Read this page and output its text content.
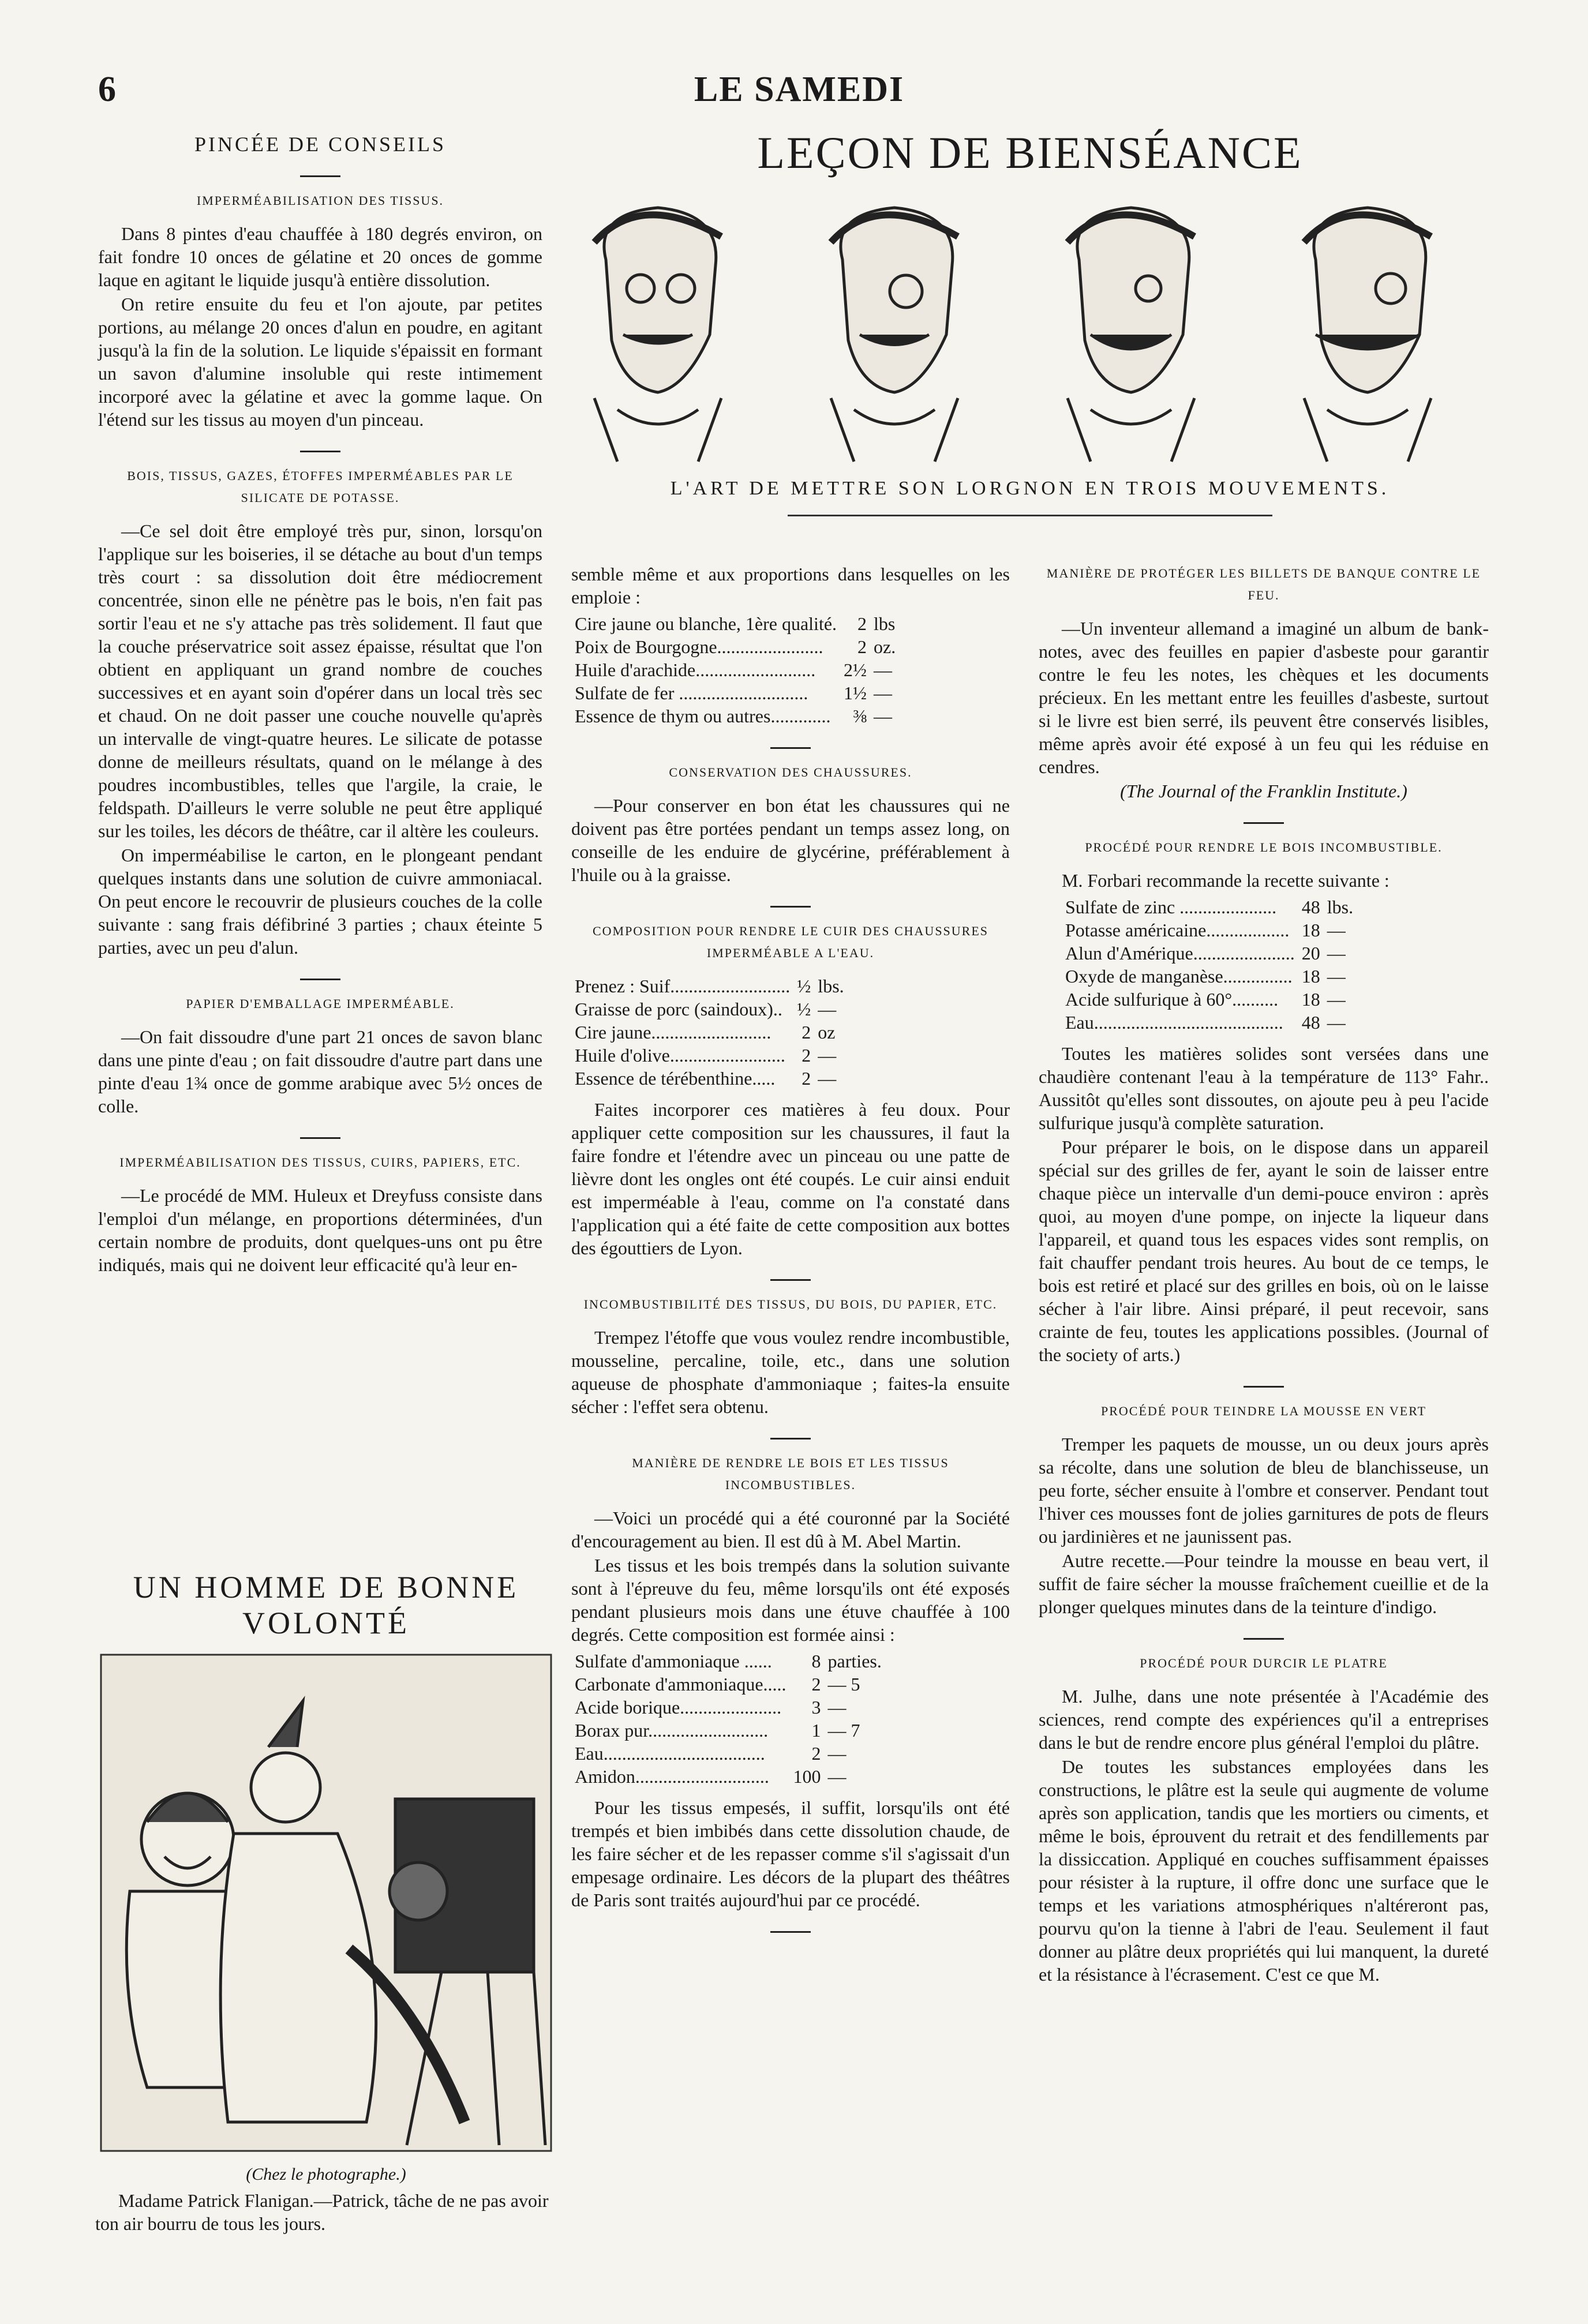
6	LE SAMEDI
PINCÉE DE CONSEILS
IMPERMÉABILISATION DES TISSUS.

Dans 8 pintes d'eau chauffée à 180 degrés environ, on fait fondre 10 onces de gélatine et 20 onces de gomme laque en agitant le liquide jusqu'à entière dissolution.

On retire ensuite du feu et l'on ajoute, par petites portions, au mélange 20 onces d'alun en poudre, en agitant jusqu'à la fin de la solution. Le liquide s'épaissit en formant un savon d'alumine insoluble qui reste intimement incorporé avec la gélatine et avec la gomme laque. On l'étend sur les tissus au moyen d'un pinceau.

BOIS, TISSUS, GAZES, ÉTOFFES IMPERMÉABLES PAR LE SILICATE DE POTASSE.

—Ce sel doit être employé très pur, sinon, lorsqu'on l'applique sur les boiseries, il se détache au bout d'un temps très court : sa dissolution doit être médiocrement concentrée, sinon elle ne pénètre pas le bois, n'en fait pas sortir l'eau et ne s'y attache pas très solidement. Il faut que la couche préservatrice soit assez épaisse, résultat que l'on obtient en appliquant un grand nombre de couches successives et en ayant soin d'opérer dans un local très sec et chaud. On ne doit passer une couche nouvelle qu'après un intervalle de vingt-quatre heures. Le silicate de potasse donne de meilleurs résultats, quand on le mélange à des poudres incombustibles, telles que l'argile, la craie, le feldspath. D'ailleurs le verre soluble ne peut être appliqué sur les toiles, les décors de théâtre, car il altère les couleurs.

On imperméabilise le carton, en le plongeant pendant quelques instants dans une solution de cuivre ammoniacal. On peut encore le recouvrir de plusieurs couches de la colle suivante : sang frais défibriné 3 parties ; chaux éteinte 5 parties, avec un peu d'alun.

PAPIER D'EMBALLAGE IMPERMÉABLE.

—On fait dissoudre d'une part 21 onces de savon blanc dans une pinte d'eau ; on fait dissoudre d'autre part dans une pinte d'eau 1¾ once de gomme arabique avec 5½ onces de colle.

IMPERMÉABILISATION DES TISSUS, CUIRS, PAPIERS, ETC.

—Le procédé de MM. Huleux et Dreyfuss consiste dans l'emploi d'un mélange, en proportions déterminées, d'un certain nombre de produits, dont quelques-uns ont pu être indiqués, mais qui ne doivent leur efficacité qu'à leur en-

LEÇON DE BIENSÉANCE
L'ART DE METTRE SON LORGNON EN TROIS MOUVEMENTS.

semble même et aux proportions dans lesquelles on les emploie :

Cire jaune ou blanche, 1ère qualité.	2	lbs
Poix de Bourgogne.......................	2	oz.
Huile d'arachide..........................	2½	—
Sulfate de fer ............................	1½	—
Essence de thym ou autres.............	⅜	—
CONSERVATION DES CHAUSSURES.

—Pour conserver en bon état les chaussures qui ne doivent pas être portées pendant un temps assez long, on conseille de les enduire de glycérine, préférablement à l'huile ou à la graisse.

COMPOSITION POUR RENDRE LE CUIR DES CHAUSSURES IMPERMÉABLE A L'EAU.
Prenez : Suif..........................	½	lbs.
Graisse de porc (saindoux)..	½	—
Cire jaune..........................	2	oz
Huile d'olive.........................	2	—
Essence de térébenthine.....	2	—

Faites incorporer ces matières à feu doux. Pour appliquer cette composition sur les chaussures, il faut la faire fondre et l'étendre avec un pinceau ou une patte de lièvre dont les ongles ont été coupés. Le cuir ainsi enduit est imperméable à l'eau, comme on l'a constaté dans l'application qui a été faite de cette composition aux bottes des égouttiers de Lyon.

INCOMBUSTIBILITÉ DES TISSUS, DU BOIS, DU PAPIER, ETC.

Trempez l'étoffe que vous voulez rendre incombustible, mousseline, percaline, toile, etc., dans une solution aqueuse de phosphate d'ammoniaque ; faites-la ensuite sécher : l'effet sera obtenu.

MANIÈRE DE RENDRE LE BOIS ET LES TISSUS INCOMBUSTIBLES.

—Voici un procédé qui a été couronné par la Société d'encouragement au bien. Il est dû à M. Abel Martin.

Les tissus et les bois trempés dans la solution suivante sont à l'épreuve du feu, même lorsqu'ils ont été exposés pendant plusieurs mois dans une étuve chauffée à 100 degrés. Cette composition est formée ainsi :

Sulfate d'ammoniaque ......	8	parties.
Carbonate d'ammoniaque.....	2	— 5
Acide borique......................	3	—
Borax pur..........................	1	— 7
Eau...................................	2	—
Amidon.............................	100	—

Pour les tissus empesés, il suffit, lorsqu'ils ont été trempés et bien imbibés dans cette dissolution chaude, de les faire sécher et de les repasser comme s'il s'agissait d'un empesage ordinaire. Les décors de la plupart des théâtres de Paris sont traités aujourd'hui par ce procédé.

MANIÈRE DE PROTÉGER LES BILLETS DE BANQUE CONTRE LE FEU.

—Un inventeur allemand a imaginé un album de bank-notes, avec des feuilles en papier d'asbeste pour garantir contre le feu les notes, les chèques et les documents précieux. En les mettant entre les feuilles d'asbeste, surtout si le livre est bien serré, ils peuvent être conservés lisibles, même après avoir été exposé à un feu qui les réduise en cendres.

(The Journal of the Franklin Institute.)

PROCÉDÉ POUR RENDRE LE BOIS INCOMBUSTIBLE.

M. Forbari recommande la recette suivante :

Sulfate de zinc .....................	48	lbs.
Potasse américaine..................	18	—
Alun d'Amérique......................	20	—
Oxyde de manganèse...............	18	—
Acide sulfurique à 60°..........	18	—
Eau.........................................	48	—

Toutes les matières solides sont versées dans une chaudière contenant l'eau à la température de 113° Fahr.. Aussitôt qu'elles sont dissoutes, on ajoute peu à peu l'acide sulfurique jusqu'à complète saturation.

Pour préparer le bois, on le dispose dans un appareil spécial sur des grilles de fer, ayant le soin de laisser entre chaque pièce un intervalle d'un demi-pouce environ : après quoi, au moyen d'une pompe, on injecte la liqueur dans l'appareil, et quand tous les espaces vides sont remplis, on fait chauffer pendant trois heures. Au bout de ce temps, le bois est retiré et placé sur des grilles en bois, où on le laisse sécher à l'air libre. Ainsi préparé, il peut recevoir, sans crainte de feu, toutes les applications possibles. (Journal of the society of arts.)

PROCÉDÉ POUR TEINDRE LA MOUSSE EN VERT

Tremper les paquets de mousse, un ou deux jours après sa récolte, dans une solution de bleu de blanchisseuse, un peu forte, sécher ensuite à l'ombre et conserver. Pendant tout l'hiver ces mousses font de jolies garnitures de pots de fleurs ou jardinières et ne jaunissent pas.

Autre recette.—Pour teindre la mousse en beau vert, il suffit de faire sécher la mousse fraîchement cueillie et de la plonger quelques minutes dans de la teinture d'indigo.

PROCÉDÉ POUR DURCIR LE PLATRE

M. Julhe, dans une note présentée à l'Académie des sciences, rend compte des expériences qu'il a entreprises dans le but de rendre encore plus général l'emploi du plâtre.

De toutes les substances employées dans les constructions, le plâtre est la seule qui augmente de volume après son application, tandis que les mortiers ou ciments, et même le bois, éprouvent du retrait et des fendillements par la dissiccation. Appliqué en couches suffisamment épaisses pour résister à la rupture, il offre donc une surface que le temps et les variations atmosphériques n'altéreront pas, pourvu qu'on la tienne à l'abri de l'eau. Seulement il faut donner au plâtre deux propriétés qui lui manquent, la dureté et la résistance à l'écrasement. C'est ce que M.

UN HOMME DE BONNE VOLONTÉ
(Chez le photographe.)
Madame Patrick Flanigan.—Patrick, tâche de ne pas avoir ton air bourru de tous les jours.
